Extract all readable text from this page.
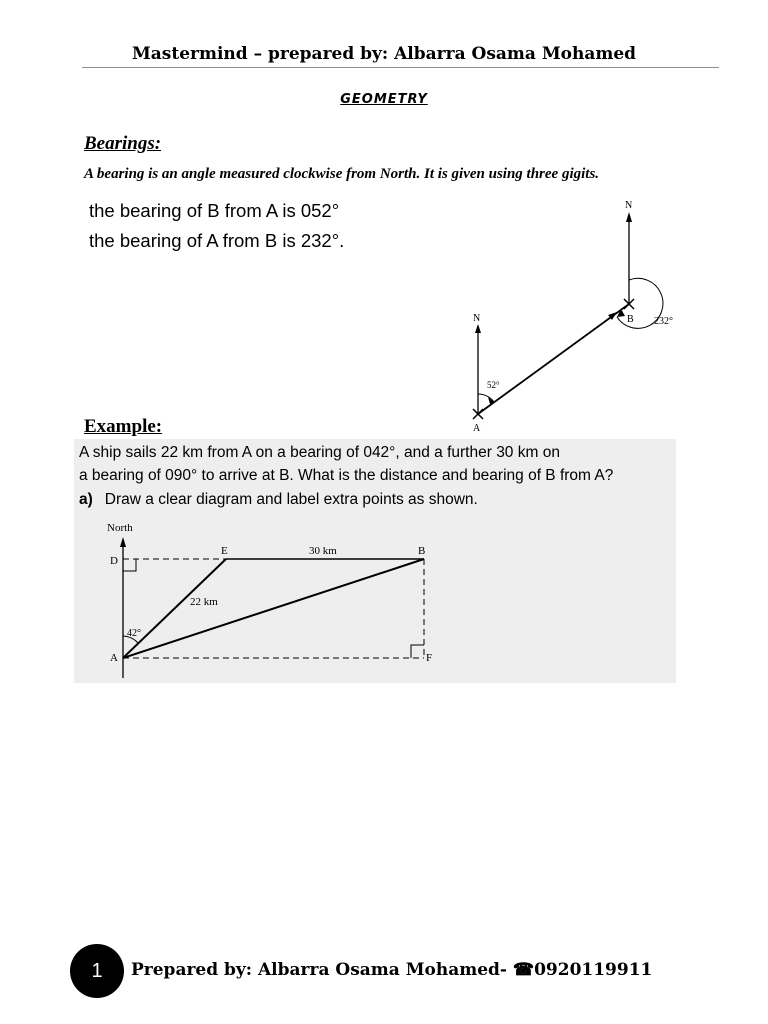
Mastermind – prepared by: Albarra Osama Mohamed
GEOMETRY
Bearings:
A bearing is an angle measured clockwise from North. It is given using three gigits.
the bearing of B from A is 052°
the bearing of A from B is 232°.
N
N
A
B
52°
232°
Example:
A ship sails 22 km from A on a bearing of 042°, and a further 30 km on
a bearing of 090° to arrive at B. What is the distance and bearing of B from A?
a) Draw a clear diagram and label extra points as shown.
North
D
E	B
A	F
30 km
22 km
42°
1	Prepared by: Albarra Osama Mohamed- ☎0920119911
